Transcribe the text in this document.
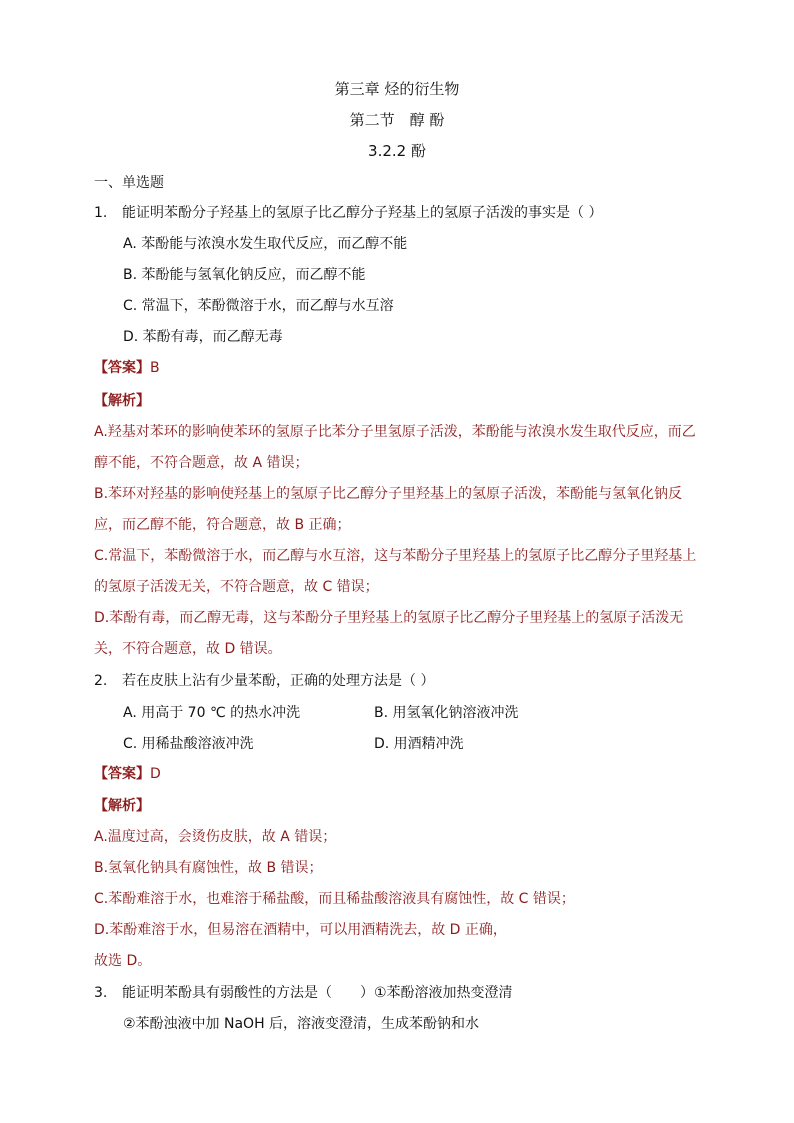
第三章 烃的衍生物
第二节　醇 酚
3.2.2 酚
一、单选题
1. 能证明苯酚分子羟基上的氢原子比乙醇分子羟基上的氢原子活泼的事实是（ ）
A. 苯酚能与浓溴水发生取代反应，而乙醇不能
B. 苯酚能与氢氧化钠反应，而乙醇不能
C. 常温下，苯酚微溶于水，而乙醇与水互溶
D. 苯酚有毒，而乙醇无毒
【答案】B
【解析】
A.羟基对苯环的影响使苯环的氢原子比苯分子里氢原子活泼，苯酚能与浓溴水发生取代反应，而乙
醇不能，不符合题意，故 A 错误；
B.苯环对羟基的影响使羟基上的氢原子比乙醇分子里羟基上的氢原子活泼，苯酚能与氢氧化钠反
应，而乙醇不能，符合题意，故 B 正确；
C.常温下，苯酚微溶于水，而乙醇与水互溶，这与苯酚分子里羟基上的氢原子比乙醇分子里羟基上
的氢原子活泼无关，不符合题意，故 C 错误；
D.苯酚有毒，而乙醇无毒，这与苯酚分子里羟基上的氢原子比乙醇分子里羟基上的氢原子活泼无
关，不符合题意，故 D 错误。
2. 若在皮肤上沾有少量苯酚，正确的处理方法是（ ）
A. 用高于 70 ℃ 的热水冲洗	B. 用氢氧化钠溶液冲洗
C. 用稀盐酸溶液冲洗	D. 用酒精冲洗
【答案】D
【解析】
A.温度过高，会烫伤皮肤，故 A 错误；
B.氢氧化钠具有腐蚀性，故 B 错误；
C.苯酚难溶于水，也难溶于稀盐酸，而且稀盐酸溶液具有腐蚀性，故 C 错误；
D.苯酚难溶于水，但易溶在酒精中，可以用酒精洗去，故 D 正确，
故选 D。
3. 能证明苯酚具有弱酸性的方法是（　　）①苯酚溶液加热变澄清
②苯酚浊液中加 NaOH 后，溶液变澄清，生成苯酚钠和水
